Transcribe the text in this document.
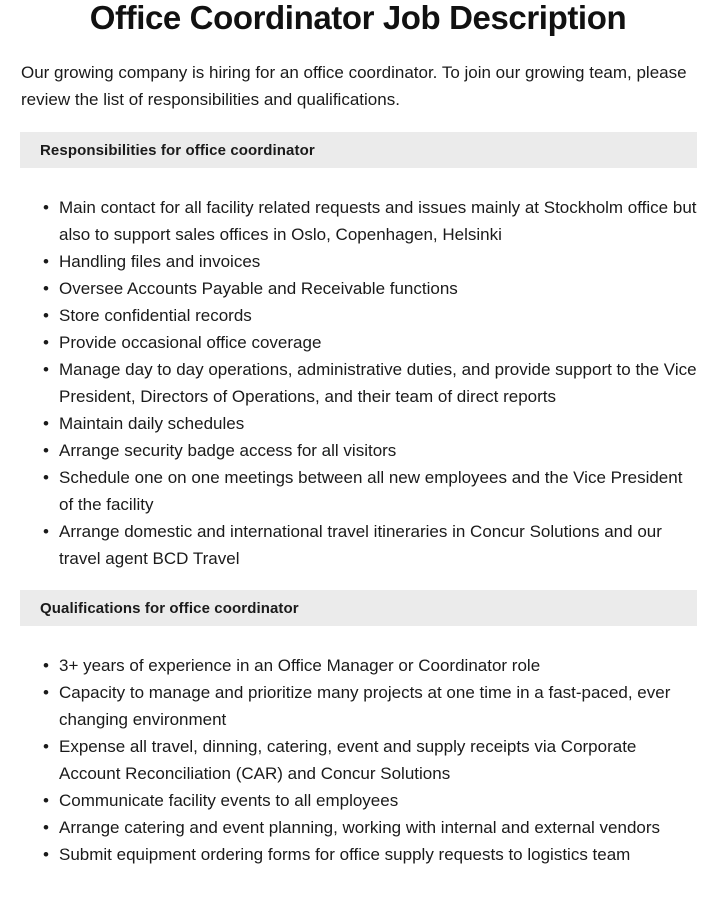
Office Coordinator Job Description

Our growing company is hiring for an office coordinator. To join our growing team, please review the list of responsibilities and qualifications.

Responsibilities for office coordinator
• Main contact for all facility related requests and issues mainly at Stockholm office but also to support sales offices in Oslo, Copenhagen, Helsinki
• Handling files and invoices
• Oversee Accounts Payable and Receivable functions
• Store confidential records
• Provide occasional office coverage
• Manage day to day operations, administrative duties, and provide support to the Vice President, Directors of Operations, and their team of direct reports
• Maintain daily schedules
• Arrange security badge access for all visitors
• Schedule one on one meetings between all new employees and the Vice President of the facility
• Arrange domestic and international travel itineraries in Concur Solutions and our travel agent BCD Travel
Qualifications for office coordinator
• 3+ years of experience in an Office Manager or Coordinator role
• Capacity to manage and prioritize many projects at one time in a fast-paced, ever changing environment
• Expense all travel, dinning, catering, event and supply receipts via Corporate Account Reconciliation (CAR) and Concur Solutions
• Communicate facility events to all employees
• Arrange catering and event planning, working with internal and external vendors
• Submit equipment ordering forms for office supply requests to logistics team
